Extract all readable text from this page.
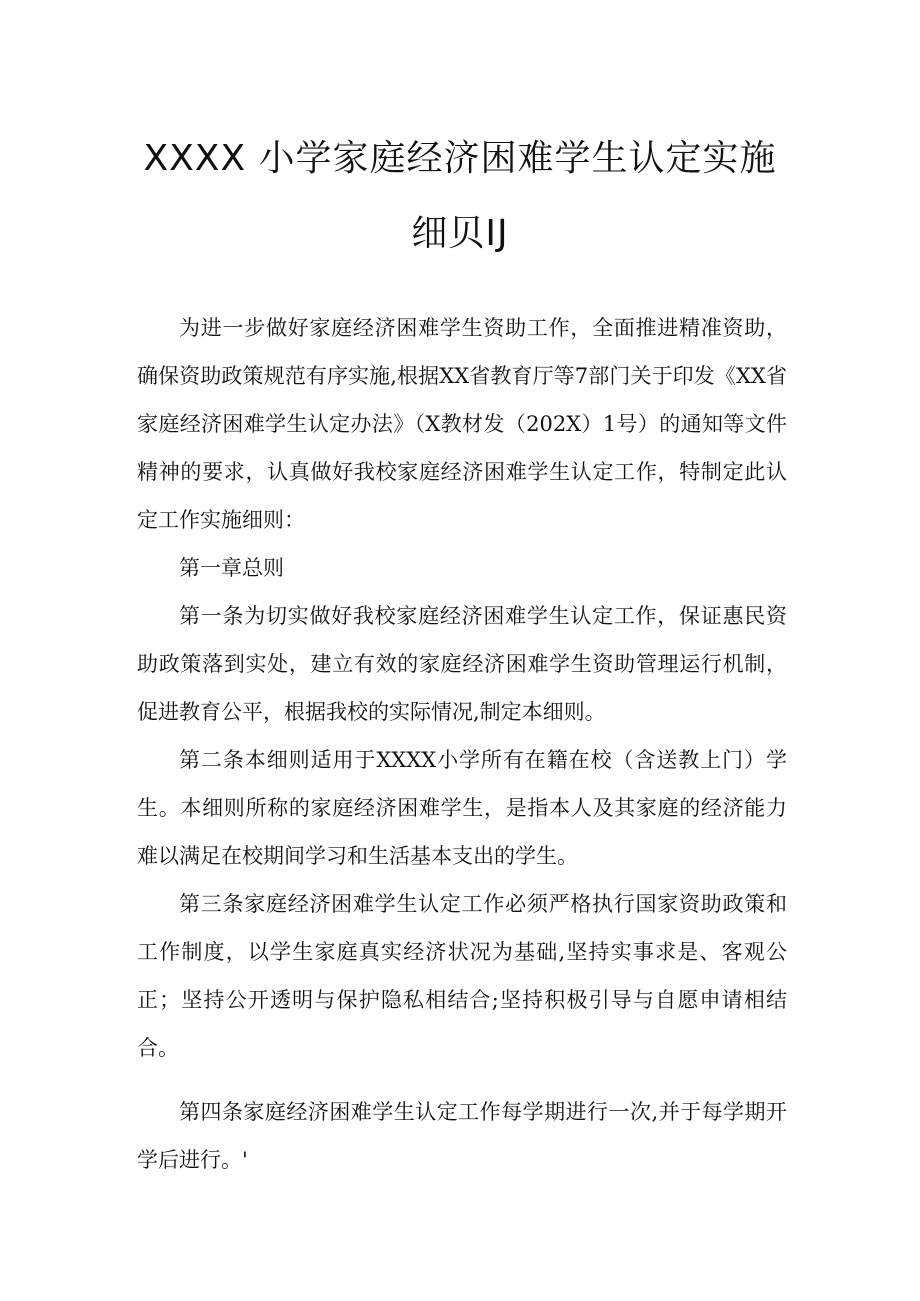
XXXX 小学家庭经济困难学生认定实施
细贝IJ

为进一步做好家庭经济困难学生资助工作，全面推进精准资助，确保资助政策规范有序实施,根据XX省教育厅等7部门关于印发《XX省家庭经济困难学生认定办法》（X教材发（202X）1号）的通知等文件精神的要求，认真做好我校家庭经济困难学生认定工作，特制定此认定工作实施细则：

第一章总则

第一条为切实做好我校家庭经济困难学生认定工作，保证惠民资助政策落到实处，建立有效的家庭经济困难学生资助管理运行机制，促进教育公平，根据我校的实际情况,制定本细则。

第二条本细则适用于XXXX小学所有在籍在校（含送教上门）学生。本细则所称的家庭经济困难学生，是指本人及其家庭的经济能力难以满足在校期间学习和生活基本支出的学生。

第三条家庭经济困难学生认定工作必须严格执行国家资助政策和工作制度，以学生家庭真实经济状况为基础,坚持实事求是、客观公正；坚持公开透明与保护隐私相结合;坚持积极引导与自愿申请相结合。

第四条家庭经济困难学生认定工作每学期进行一次,并于每学期开学后进行。'
